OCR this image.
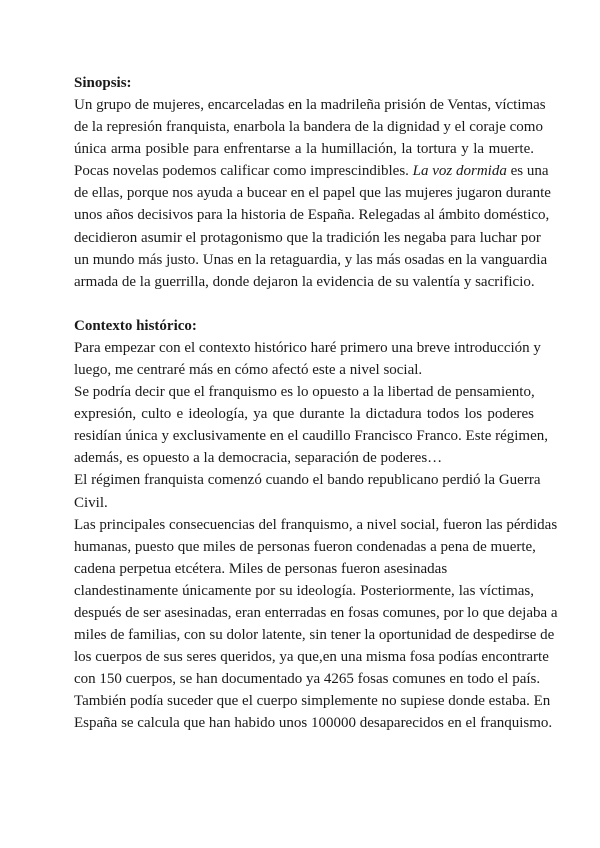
Sinopsis:

Un grupo de mujeres, encarceladas en la madrileña prisión de Ventas, víctimas
de la represión franquista, enarbola la bandera de la dignidad y el coraje como
única arma posible para enfrentarse a la humillación, la tortura y la muerte.
Pocas novelas podemos calificar como imprescindibles. La voz dormida es una
de ellas, porque nos ayuda a bucear en el papel que las mujeres jugaron durante
unos años decisivos para la historia de España. Relegadas al ámbito doméstico,
decidieron asumir el protagonismo que la tradición les negaba para luchar por
un mundo más justo. Unas en la retaguardia, y las más osadas en la vanguardia
armada de la guerrilla, donde dejaron la evidencia de su valentía y sacrificio.

Contexto histórico:

Para empezar con el contexto histórico haré primero una breve introducción y
luego, me centraré más en cómo afectó este a nivel social.
Se podría decir que el franquismo es lo opuesto a la libertad de pensamiento,
expresión, culto e ideología, ya que durante la dictadura todos los poderes
residían única y exclusivamente en el caudillo Francisco Franco. Este régimen,
además, es opuesto a la democracia, separación de poderes…
El régimen franquista comenzó cuando el bando republicano perdió la Guerra
Civil.
Las principales consecuencias del franquismo, a nivel social, fueron las pérdidas
humanas, puesto que miles de personas fueron condenadas a pena de muerte,
cadena perpetua etcétera. Miles de personas fueron asesinadas
clandestinamente únicamente por su ideología. Posteriormente, las víctimas,
después de ser asesinadas, eran enterradas en fosas comunes, por lo que dejaba a
miles de familias, con su dolor latente, sin tener la oportunidad de despedirse de
los cuerpos de sus seres queridos, ya que,en una misma fosa podías encontrarte
con 150 cuerpos, se han documentado ya 4265 fosas comunes en todo el país.
También podía suceder que el cuerpo simplemente no supiese donde estaba. En
España se calcula que han habido unos 100000 desaparecidos en el franquismo.
